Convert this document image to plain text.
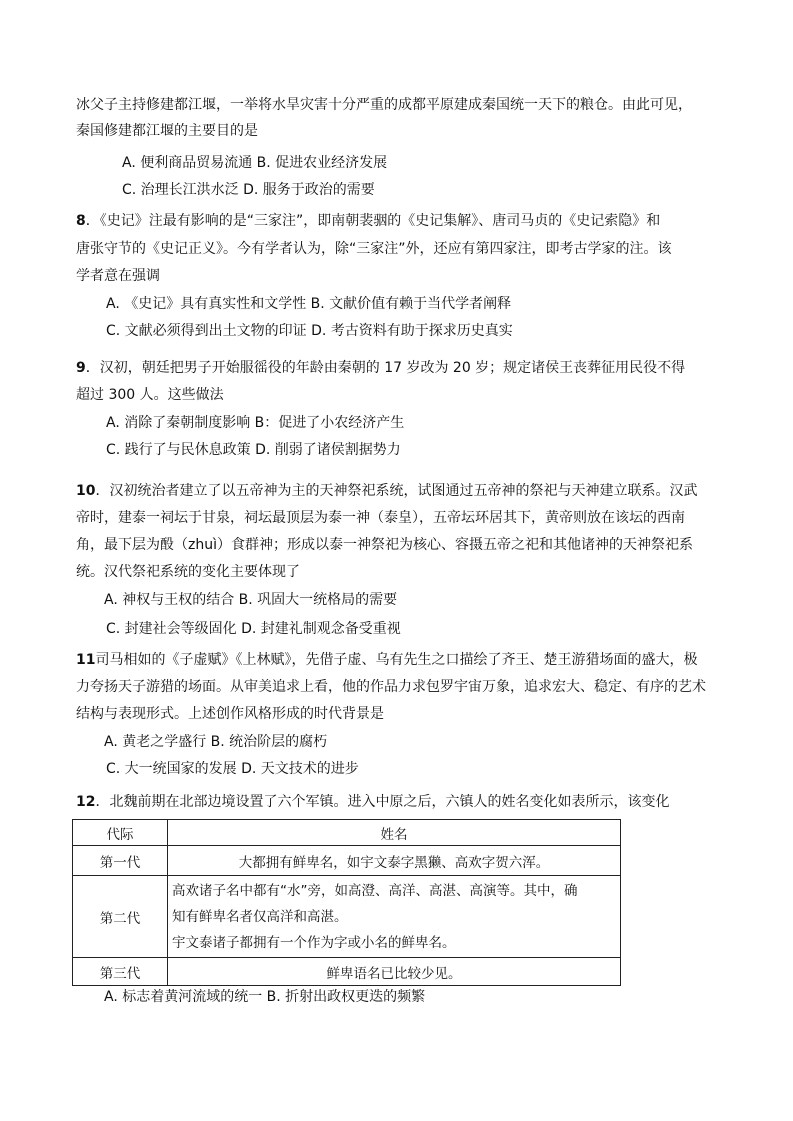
冰父子主持修建都江堰，一举将水旱灾害十分严重的成都平原建成秦国统一天下的粮仓。由此可见，
秦国修建都江堰的主要目的是
A. 便利商品贸易流通 B. 促进农业经济发展
C. 治理长江洪水泛 D. 服务于政治的需要
8．《史记》注最有影响的是“三家注”，即南朝裴骃的《史记集解》、唐司马贞的《史记索隐》和
唐张守节的《史记正义》。今有学者认为，除“三家注”外，还应有第四家注，即考古学家的注。该
学者意在强调
A. 《史记》具有真实性和文学性 B. 文献价值有赖于当代学者阐释
C. 文献必须得到出土文物的印证 D. 考古资料有助于探求历史真实
9．汉初，朝廷把男子开始服徭役的年龄由秦朝的 17 岁改为 20 岁；规定诸侯王丧葬征用民役不得
超过 300 人。这些做法
A. 消除了秦朝制度影响 B：促进了小农经济产生
C. 践行了与民休息政策 D. 削弱了诸侯割据势力
10．汉初统治者建立了以五帝神为主的天神祭祀系统，试图通过五帝神的祭祀与天神建立联系。汉武
帝时，建泰一祠坛于甘泉，祠坛最顶层为泰一神（泰皇），五帝坛环居其下，黄帝则放在该坛的西南
角，最下层为酘（zhuì）食群神；形成以泰一神祭祀为核心、容摄五帝之祀和其他诸神的天神祭祀系
统。汉代祭祀系统的变化主要体现了
A. 神权与王权的结合 B. 巩固大一统格局的需要
C. 封建社会等级固化 D. 封建礼制观念备受重视
11司马相如的《子虚赋》《上林赋》，先借子虚、乌有先生之口描绘了齐王、楚王游猎场面的盛大，极
力夸扬天子游猎的场面。从审美追求上看，他的作品力求包罗宇宙万象，追求宏大、稳定、有序的艺术
结构与表现形式。上述创作风格形成的时代背景是
A. 黄老之学盛行 B. 统治阶层的腐朽
C. 大一统国家的发展 D. 天文技术的进步
12．北魏前期在北部边境设置了六个军镇。进入中原之后，六镇人的姓名变化如表所示，该变化
代际	姓名
第一代	大都拥有鲜卑名，如宇文泰字黑獭、高欢字贺六浑。
第二代	高欢诸子名中都有“水”旁，如高澄、高洋、高湛、高演等。其中，确
知有鲜卑名者仅高洋和高湛。
宇文泰诸子都拥有一个作为字或小名的鲜卑名。

第三代	鲜卑语名已比较少见。
A. 标志着黄河流域的统一 B. 折射出政权更迭的频繁
